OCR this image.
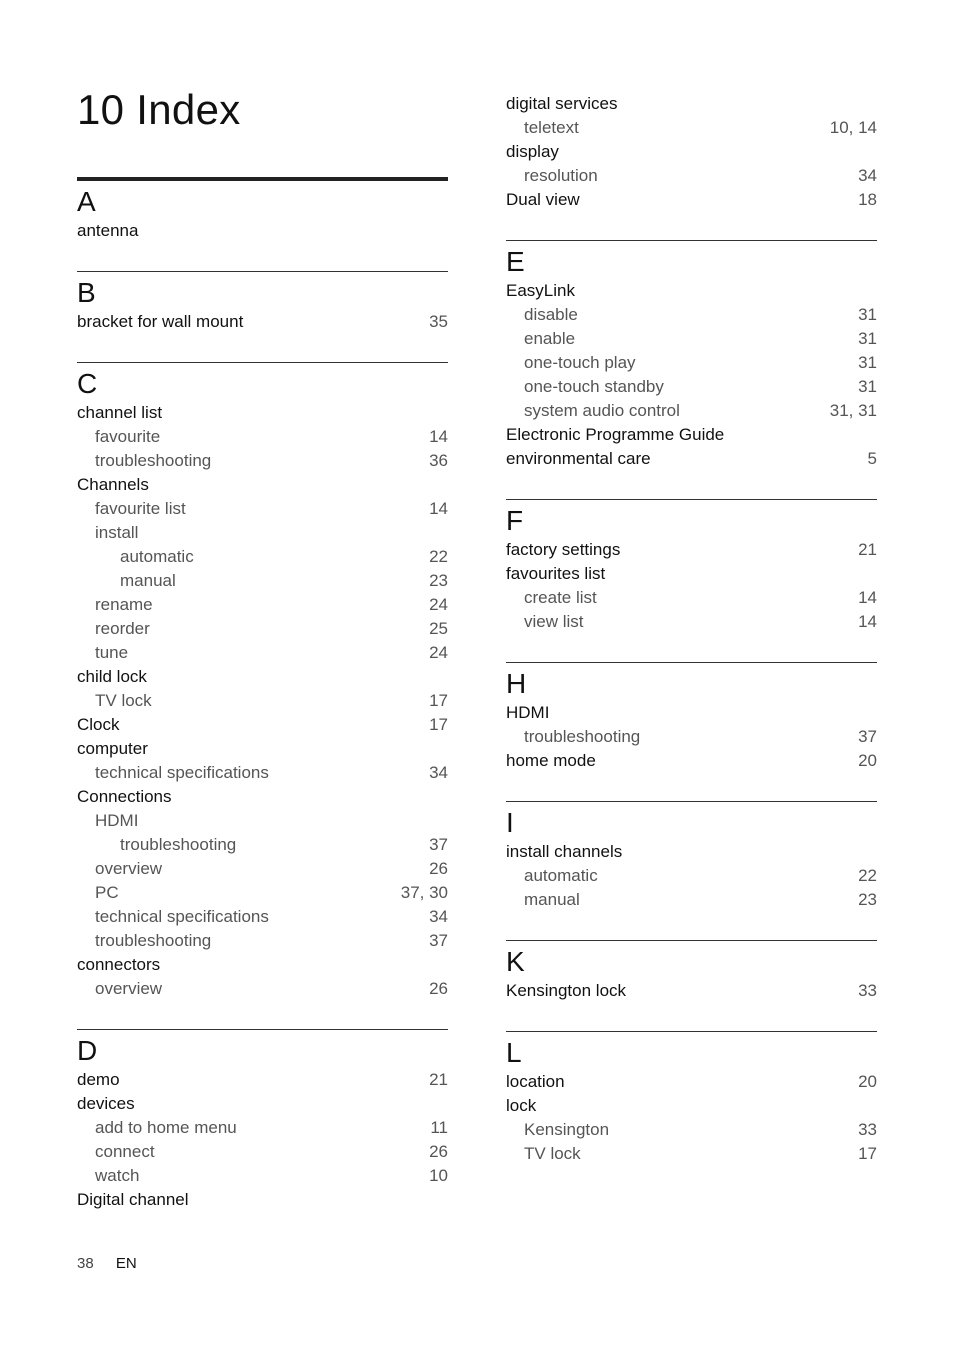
10 Index
A
antenna
B
bracket for wall mount	35
C
channel list
favourite	14
troubleshooting	36
Channels
favourite list	14
install
automatic	22
manual	23
rename	24
reorder	25
tune	24
child lock
TV lock	17
Clock	17
computer
technical specifications	34
Connections
HDMI
troubleshooting	37
overview	26
PC	37, 30
technical specifications	34
troubleshooting	37
connectors
overview	26
D
demo	21
devices
add to home menu	11
connect	26
watch	10
Digital channel
digital services
teletext	10, 14
display
resolution	34
Dual view	18
E
EasyLink
disable	31
enable	31
one-touch play	31
one-touch standby	31
system audio control	31, 31
Electronic Programme Guide
environmental care	5
F
factory settings	21
favourites list
create list	14
view list	14
H
HDMI
troubleshooting	37
home mode	20
I
install channels
automatic	22
manual	23
K
Kensington lock	33
L
location	20
lock
Kensington	33
TV lock	17
38 EN
